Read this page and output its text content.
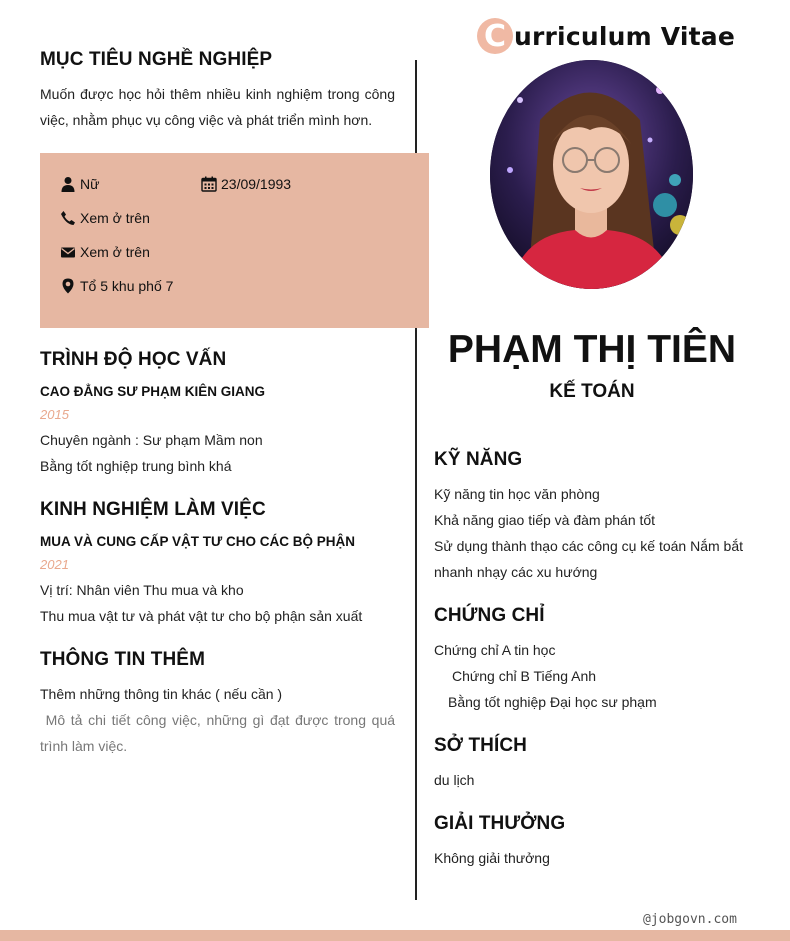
C urriculum Vitae
PHẠM THỊ TIÊN
KẾ TOÁN
MỤC TIÊU NGHỀ NGHIỆP
Muốn được học hỏi thêm nhiều kinh nghiệm trong công việc, nhằm phục vụ công việc và phát triển mình hơn.
Nữ	23/09/1993
Xem ở trên
Xem ở trên
Tổ 5 khu phố 7
TRÌNH ĐỘ HỌC VẤN
CAO ĐẲNG SƯ PHẠM KIÊN GIANG
2015
Chuyên ngành : Sư phạm Mầm non
Bằng tốt nghiệp trung bình khá
KINH NGHIỆM LÀM VIỆC
MUA VÀ CUNG CẤP VẬT TƯ CHO CÁC BỘ PHẬN
2021
Vị trí: Nhân viên Thu mua và kho
Thu mua vật tư và phát vật tư cho bộ phận sản xuất
THÔNG TIN THÊM
Thêm những thông tin khác ( nếu cần )
Mô tả chi tiết công việc, những gì đạt được trong quá trình làm việc.
KỸ NĂNG
Kỹ năng tin học văn phòng
Khả năng giao tiếp và đàm phán tốt
Sử dụng thành thạo các công cụ kế toán Nắm bắt nhanh nhạy các xu hướng
CHỨNG CHỈ
Chứng chỉ A tin học
Chứng chỉ B Tiếng Anh
Bằng tốt nghiệp Đại học sư phạm
SỞ THÍCH
du lịch
GIẢI THƯỞNG
Không giải thưởng
@jobgovn.com
